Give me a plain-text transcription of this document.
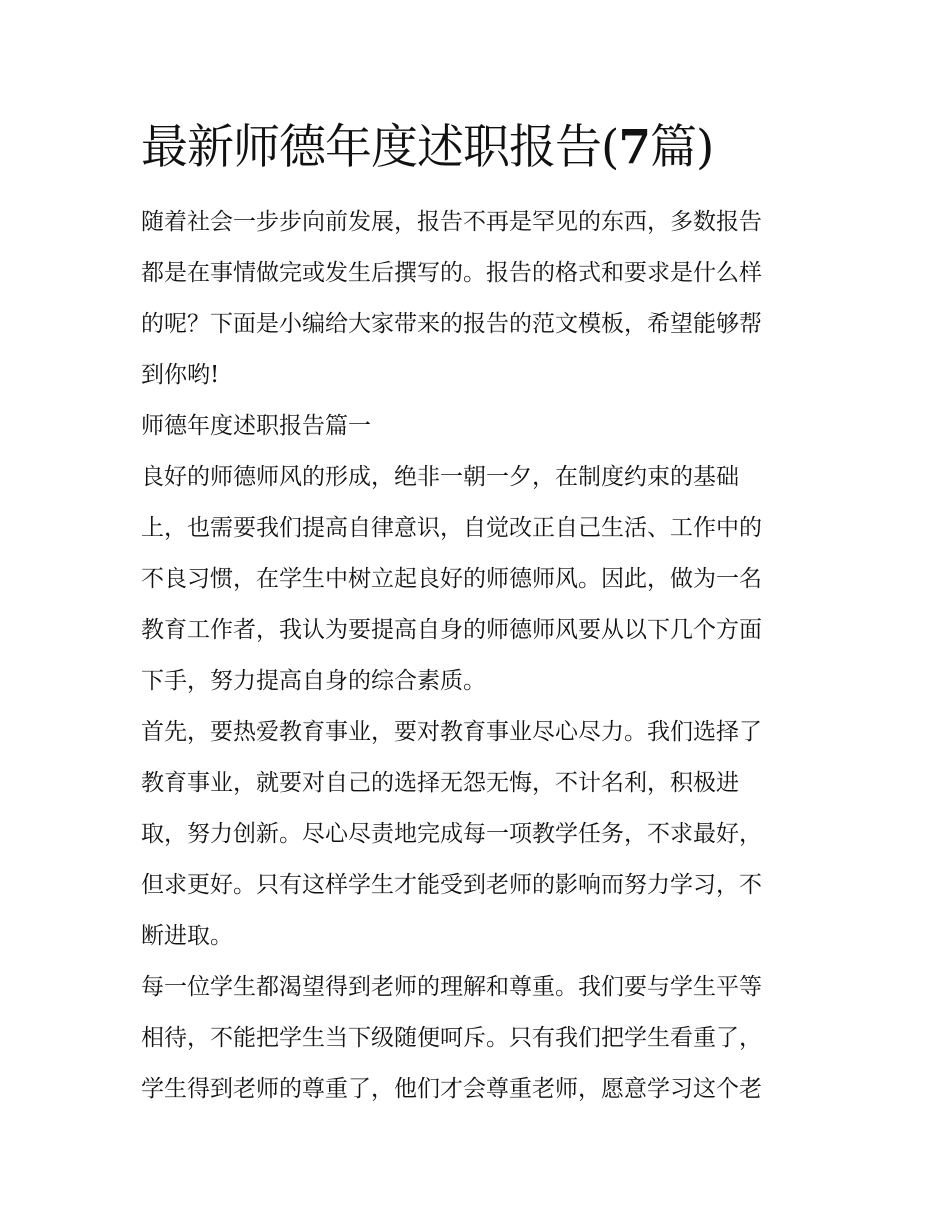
最新师德年度述职报告(7篇)

随着社会一步步向前发展，报告不再是罕见的东西，多数报告
都是在事情做完或发生后撰写的。报告的格式和要求是什么样
的呢？下面是小编给大家带来的报告的范文模板，希望能够帮
到你哟!

师德年度述职报告篇一

良好的师德师风的形成，绝非一朝一夕，在制度约束的基础
上，也需要我们提高自律意识，自觉改正自己生活、工作中的
不良习惯，在学生中树立起良好的师德师风。因此，做为一名
教育工作者，我认为要提高自身的师德师风要从以下几个方面
下手，努力提高自身的综合素质。

首先，要热爱教育事业，要对教育事业尽心尽力。我们选择了
教育事业，就要对自己的选择无怨无悔，不计名利，积极进
取，努力创新。尽心尽责地完成每一项教学任务，不求最好，
但求更好。只有这样学生才能受到老师的影响而努力学习，不
断进取。

每一位学生都渴望得到老师的理解和尊重。我们要与学生平等
相待，不能把学生当下级随便呵斥。只有我们把学生看重了，
学生得到老师的尊重了，他们才会尊重老师，愿意学习这个老
